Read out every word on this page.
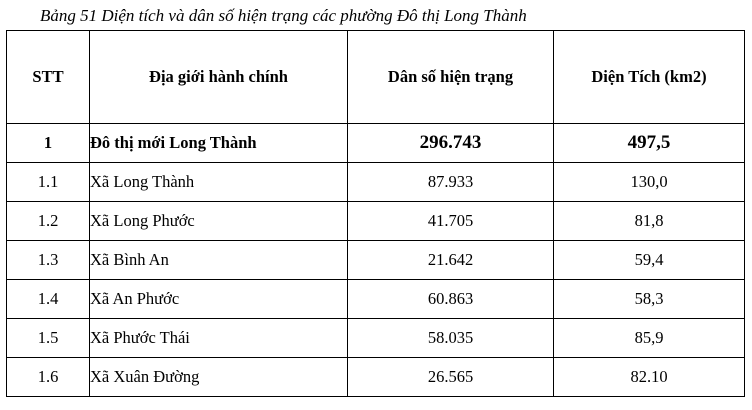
Bảng 51 Diện tích và dân số hiện trạng các phường Đô thị Long Thành
STT	Địa giới hành chính	Dân số hiện trạng	Diện Tích (km2)
1	Đô thị mới Long Thành	296.743	497,5
1.1	Xã Long Thành	87.933	130,0
1.2	Xã Long Phước	41.705	81,8
1.3	Xã Bình An	21.642	59,4
1.4	Xã An Phước	60.863	58,3
1.5	Xã Phước Thái	58.035	85,9
1.6	Xã Xuân Đường	26.565	82.10
